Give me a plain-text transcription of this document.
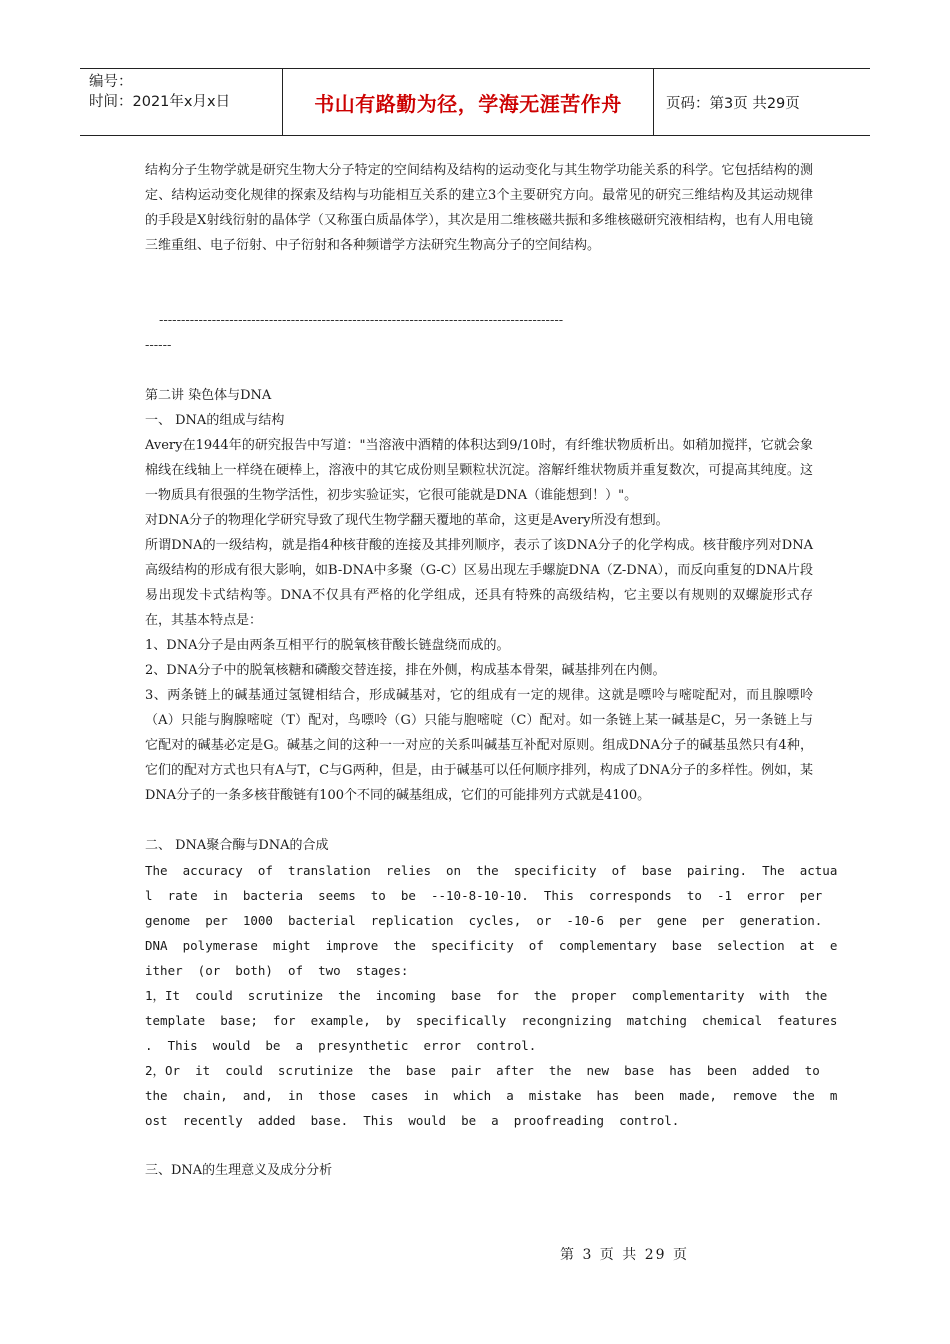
编号：
时间：2021年x月x日	书山有路勤为径，学海无涯苦作舟	页码：第3页 共29页

结构分子生物学就是研究生物大分子特定的空间结构及结构的运动变化与其生物学功能关系的科学。它包括结构的测定、结构运动变化规律的探索及结构与功能相互关系的建立3个主要研究方向。最常见的研究三维结构及其运动规律的手段是X射线衍射的晶体学（又称蛋白质晶体学），其次是用二维核磁共振和多维核磁研究液相结构，也有人用电镜三维重组、电子衍射、中子衍射和各种频谱学方法研究生物高分子的空间结构。

--------------------------------------------------------------------------------------------
------

第二讲 染色体与DNA

一、 DNA的组成与结构

Avery在1944年的研究报告中写道："当溶液中酒精的体积达到9/10时，有纤维状物质析出。如稍加搅拌，它就会象棉线在线轴上一样绕在硬棒上，溶液中的其它成份则呈颗粒状沉淀。溶解纤维状物质并重复数次，可提高其纯度。这一物质具有很强的生物学活性，初步实验证实，它很可能就是DNA（谁能想到！）"。

对DNA分子的物理化学研究导致了现代生物学翻天覆地的革命，这更是Avery所没有想到。

所谓DNA的一级结构，就是指4种核苷酸的连接及其排列顺序，表示了该DNA分子的化学构成。核苷酸序列对DNA高级结构的形成有很大影响，如B-DNA中多聚（G-C）区易出现左手螺旋DNA（Z-DNA），而反向重复的DNA片段易出现发卡式结构等。DNA不仅具有严格的化学组成，还具有特殊的高级结构，它主要以有规则的双螺旋形式存在，其基本特点是：

1、DNA分子是由两条互相平行的脱氧核苷酸长链盘绕而成的。

2、DNA分子中的脱氧核糖和磷酸交替连接，排在外侧，构成基本骨架，碱基排列在内侧。

3、两条链上的碱基通过氢键相结合，形成碱基对，它的组成有一定的规律。这就是嘌呤与嘧啶配对，而且腺嘌呤（A）只能与胸腺嘧啶（T）配对，鸟嘌呤（G）只能与胞嘧啶（C）配对。如一条链上某一碱基是C，另一条链上与它配对的碱基必定是G。碱基之间的这种一一对应的关系叫碱基互补配对原则。组成DNA分子的碱基虽然只有4种，它们的配对方式也只有A与T，C与G两种，但是，由于碱基可以任何顺序排列，构成了DNA分子的多样性。例如，某DNA分子的一条多核苷酸链有100个不同的碱基组成，它们的可能排列方式就是4100。

二、 DNA聚合酶与DNA的合成

The  accuracy  of  translation  relies  on  the  specificity  of  base  pairing.  The  actua
l  rate  in  bacteria  seems  to  be  --10-8-10-10.  This  corresponds  to  -1  error  per
genome  per  1000  bacterial  replication  cycles,  or  -10-6  per  gene  per  generation.
DNA  polymerase  might  improve  the  specificity  of  complementary  base  selection  at  e
ither  (or  both)  of  two  stages:
1，It  could  scrutinize  the  incoming  base  for  the  proper  complementarity  with  the
template  base;  for  example,  by  specifically  recongnizing  matching  chemical  features
.  This  would  be  a  presynthetic  error  control.
2，Or  it  could  scrutinize  the  base  pair  after  the  new  base  has  been  added  to
the  chain,  and,  in  those  cases  in  which  a  mistake  has  been  made,  remove  the  m
ost  recently  added  base.  This  would  be  a  proofreading  control.

三、DNA的生理意义及成分分析

第 3 页 共 29 页
